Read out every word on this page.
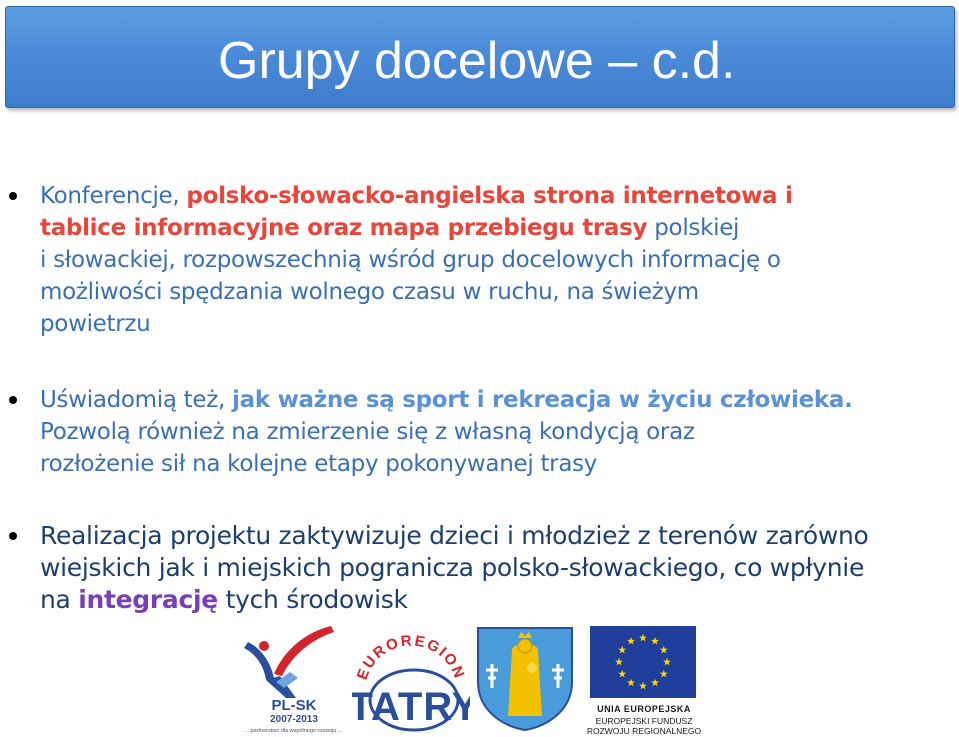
Grupy docelowe – c.d.
Konferencje, polsko-słowacko-angielska strona internetowa i
tablice informacyjne oraz mapa przebiegu trasy polskiej
i słowackiej, rozpowszechnią wśród grup docelowych informację o
możliwości spędzania wolnego czasu w ruchu, na świeżym
powietrzu
Uświadomią też, jak ważne są sport i rekreacja w życiu człowieka.
Pozwolą również na zmierzenie się z własną kondycją oraz
rozłożenie sił na kolejne etapy pokonywanej trasy
Realizacja projektu zaktywizuje dzieci i młodzież z terenów zarówno
wiejskich jak i miejskich pogranicza polsko-słowackiego, co wpłynie
na integrację tych środowisk
PL-SK
2007-2013
... partnerstwo dla wspólnego rozwoju ...
EUROREGION
TATRY	UNIA EUROPEJSKA
EUROPEJSKI FUNDUSZ
ROZWOJU REGIONALNEGO
